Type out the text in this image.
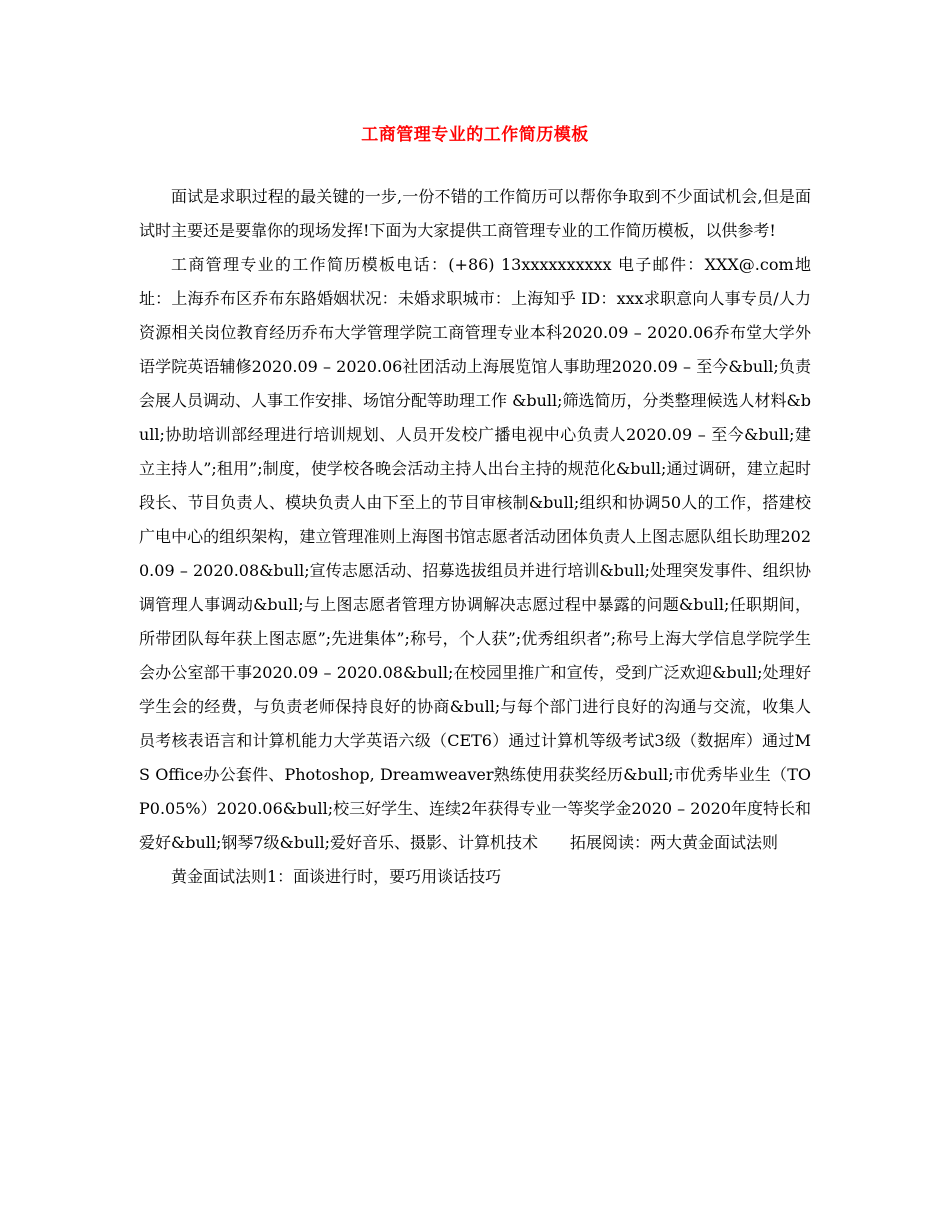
工商管理专业的工作简历模板

面试是求职过程的最关键的一步,一份不错的工作简历可以帮你争取到不少面试机会,但是面试时主要还是要靠你的现场发挥!下面为大家提供工商管理专业的工作简历模板，以供参考!

工商管理专业的工作简历模板电话：(+86) 13xxxxxxxxxx 电子邮件：XXX@.com地址：上海乔布区乔布东路婚姻状况：未婚求职城市：上海知乎 ID：xxx求职意向人事专员/人力资源相关岗位教育经历乔布大学管理学院工商管理专业本科2020.09 – 2020.06乔布堂大学外语学院英语辅修2020.09 – 2020.06社团活动上海展览馆人事助理2020.09 – 至今&bull;负责会展人员调动、人事工作安排、场馆分配等助理工作 &bull;筛选简历，分类整理候选人材料&bull;协助培训部经理进行培训规划、人员开发校广播电视中心负责人2020.09 – 至今&bull;建立主持人”;租用”;制度，使学校各晚会活动主持人出台主持的规范化&bull;通过调研，建立起时段长、节目负责人、模块负责人由下至上的节目审核制&bull;组织和协调50人的工作，搭建校广电中心的组织架构，建立管理准则上海图书馆志愿者活动团体负责人上图志愿队组长助理2020.09 – 2020.08&bull;宣传志愿活动、招募选拔组员并进行培训&bull;处理突发事件、组织协调管理人事调动&bull;与上图志愿者管理方协调解决志愿过程中暴露的问题&bull;任职期间，所带团队每年获上图志愿”;先进集体”;称号，个人获”;优秀组织者”;称号上海大学信息学院学生会办公室部干事2020.09 – 2020.08&bull;在校园里推广和宣传，受到广泛欢迎&bull;处理好学生会的经费，与负责老师保持良好的协商&bull;与每个部门进行良好的沟通与交流，收集人员考核表语言和计算机能力大学英语六级（CET6）通过计算机等级考试3级（数据库）通过MS Office办公套件、Photoshop, Dreamweaver熟练使用获奖经历&bull;市优秀毕业生（TOP0.05%）2020.06&bull;校三好学生、连续2年获得专业一等奖学金2020 – 2020年度特长和爱好&bull;钢琴7级&bull;爱好音乐、摄影、计算机技术　　拓展阅读：两大黄金面试法则

黄金面试法则1：面谈进行时，要巧用谈话技巧
